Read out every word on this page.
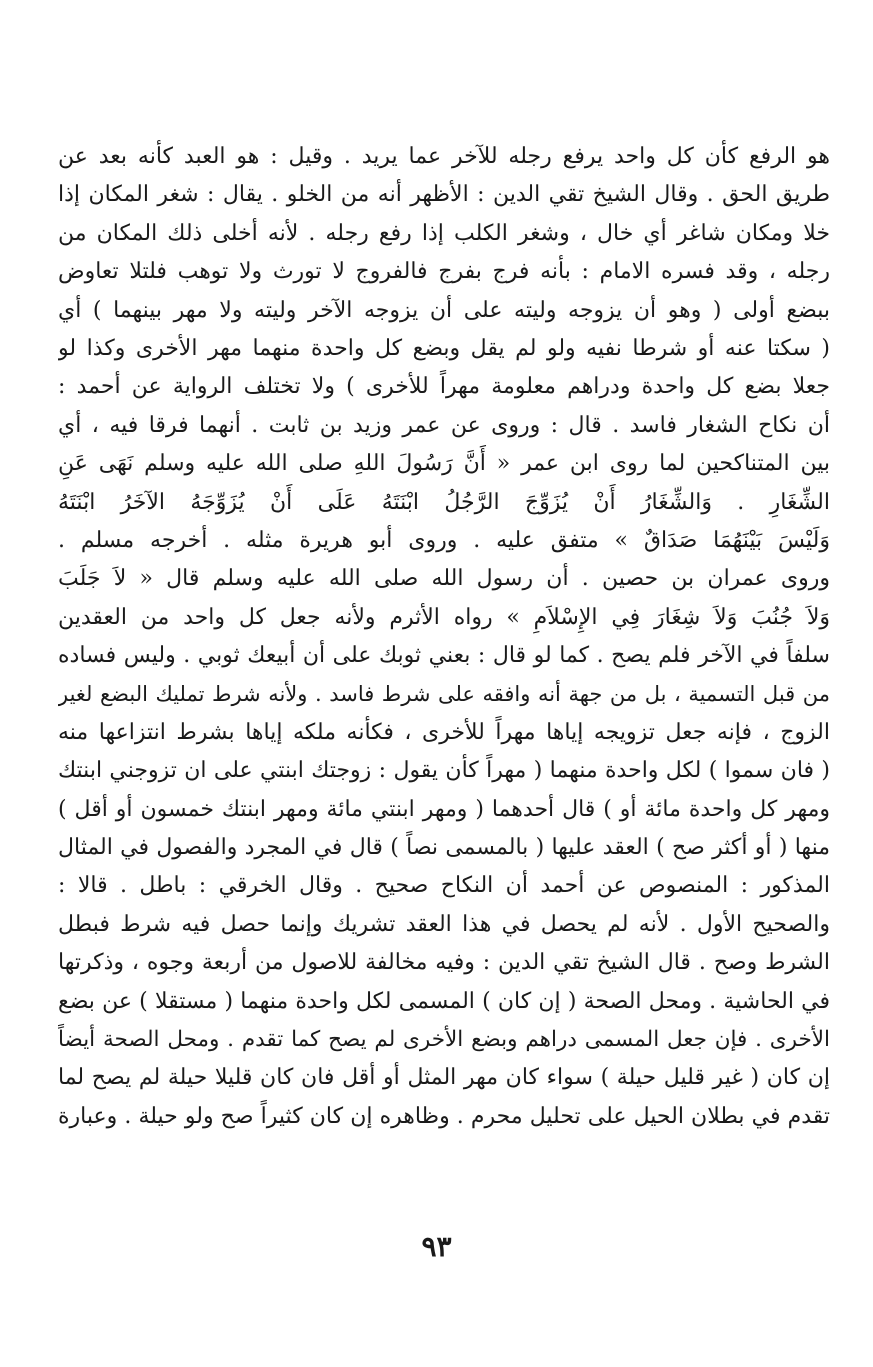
هو الرفع كأن كل واحد يرفع رجله للآخر عما يريد . وقيل : هو العبد كأنه بعد عن
طريق الحق . وقال الشيخ تقي الدين : الأظهر أنه من الخلو . يقال : شغر المكان إذا
خلا ومكان شاغر أي خال ، وشغر الكلب إذا رفع رجله . لأنه أخلى ذلك المكان من
رجله ، وقد فسره الامام : بأنه فرج بفرج فالفروج لا تورث ولا توهب فلتلا تعاوض
ببضع أولى ( وهو أن يزوجه وليته على أن يزوجه الآخر وليته ولا مهر بينهما ) أي
( سكتا عنه أو شرطا نفيه ولو لم يقل وبضع كل واحدة منهما مهر الأخرى وكذا لو
جعلا بضع كل واحدة ودراهم معلومة مهراً للأخرى ) ولا تختلف الرواية عن أحمد :
أن نكاح الشغار فاسد . قال : وروى عن عمر وزيد بن ثابت . أنهما فرقا فيه ، أي
بين المتناكحين لما روى ابن عمر « أَنَّ رَسُولَ اللهِ صلى الله عليه وسلم نَهَى عَنِ
الشِّغَارِ . وَالشِّغَارُ أَنْ يُزَوِّجَ الرَّجُلُ ابْنَتَهُ عَلَى أَنْ يُزَوِّجَهُ الآخَرُ ابْنَتَهُ
وَلَيْسَ بَيْنَهُمَا صَدَاقٌ » متفق عليه . وروى أبو هريرة مثله . أخرجه مسلم .
وروى عمران بن حصين . أن رسول الله صلى الله عليه وسلم قال « لاَ جَلَبَ
وَلاَ جُنُبَ وَلاَ شِغَارَ فِي الإِسْلاَمِ » رواه الأثرم ولأنه جعل كل واحد من العقدين
سلفاً في الآخر فلم يصح . كما لو قال : بعني ثوبك على أن أبيعك ثوبي . وليس فساده
من قبل التسمية ، بل من جهة أنه وافقه على شرط فاسد . ولأنه شرط تمليك البضع لغير
الزوج ، فإنه جعل تزويجه إياها مهراً للأخرى ، فكأنه ملكه إياها بشرط انتزاعها منه
( فان سموا ) لكل واحدة منهما ( مهراً كأن يقول : زوجتك ابنتي على ان تزوجني ابنتك
ومهر كل واحدة مائة أو ) قال أحدهما ( ومهر ابنتي مائة ومهر ابنتك خمسون أو أقل )
منها ( أو أكثر صح ) العقد عليها ( بالمسمى نصاً ) قال في المجرد والفصول في المثال
المذكور : المنصوص عن أحمد أن النكاح صحيح . وقال الخرقي : باطل . قالا :
والصحيح الأول . لأنه لم يحصل في هذا العقد تشريك وإنما حصل فيه شرط فبطل
الشرط وصح . قال الشيخ تقي الدين : وفيه مخالفة للاصول من أربعة وجوه ، وذكرتها
في الحاشية . ومحل الصحة ( إن كان ) المسمى لكل واحدة منهما ( مستقلا ) عن بضع
الأخرى . فإن جعل المسمى دراهم وبضع الأخرى لم يصح كما تقدم . ومحل الصحة أيضاً
إن كان ( غير قليل حيلة ) سواء كان مهر المثل أو أقل فان كان قليلا حيلة لم يصح لما
تقدم في بطلان الحيل على تحليل محرم . وظاهره إن كان كثيراً صح ولو حيلة . وعبارة
٩٣
